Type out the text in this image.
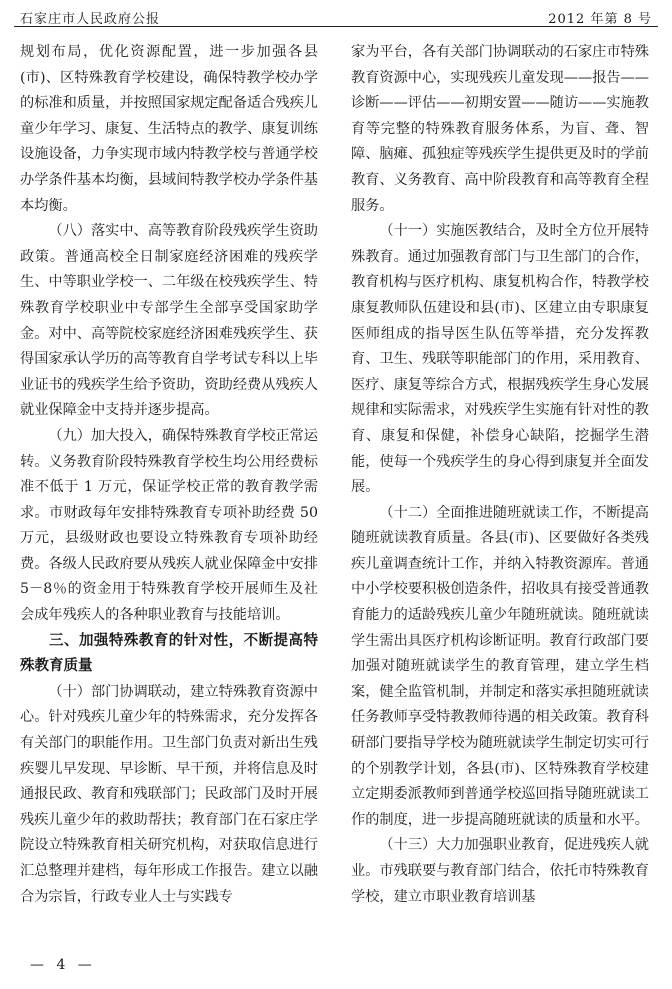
石家庄市人民政府公报	2012 年第 8 号

规划布局，优化资源配置，进一步加强各县(市)、区特殊教育学校建设，确保特教学校办学的标准和质量，并按照国家规定配备适合残疾儿童少年学习、康复、生活特点的教学、康复训练设施设备，力争实现市域内特教学校与普通学校办学条件基本均衡，县域间特教学校办学条件基本均衡。

（八）落实中、高等教育阶段残疾学生资助政策。普通高校全日制家庭经济困难的残疾学生、中等职业学校一、二年级在校残疾学生、特殊教育学校职业中专部学生全部享受国家助学金。对中、高等院校家庭经济困难残疾学生、获得国家承认学历的高等教育自学考试专科以上毕业证书的残疾学生给予资助，资助经费从残疾人就业保障金中支持并逐步提高。

（九）加大投入，确保特殊教育学校正常运转。义务教育阶段特殊教育学校生均公用经费标准不低于 1 万元，保证学校正常的教育教学需求。市财政每年安排特殊教育专项补助经费 50 万元，县级财政也要设立特殊教育专项补助经费。各级人民政府要从残疾人就业保障金中安排 5－8％的资金用于特殊教育学校开展师生及社会成年残疾人的各种职业教育与技能培训。

三、加强特殊教育的针对性，不断提高特殊教育质量

（十）部门协调联动，建立特殊教育资源中心。针对残疾儿童少年的特殊需求，充分发挥各有关部门的职能作用。卫生部门负责对新出生残疾婴儿早发现、早诊断、早干预，并将信息及时通报民政、教育和残联部门；民政部门及时开展残疾儿童少年的救助帮扶；教育部门在石家庄学院设立特殊教育相关研究机构，对获取信息进行汇总整理并建档，每年形成工作报告。建立以融合为宗旨，行政专业人士与实践专

家为平台，各有关部门协调联动的石家庄市特殊教育资源中心，实现残疾儿童发现——报告——诊断——评估——初期安置——随访——实施教育等完整的特殊教育服务体系，为盲、聋、智障、脑瘫、孤独症等残疾学生提供更及时的学前教育、义务教育、高中阶段教育和高等教育全程服务。

（十一）实施医教结合，及时全方位开展特殊教育。通过加强教育部门与卫生部门的合作，教育机构与医疗机构、康复机构合作，特教学校康复教师队伍建设和县(市)、区建立由专职康复医师组成的指导医生队伍等举措，充分发挥教育、卫生、残联等职能部门的作用，采用教育、医疗、康复等综合方式，根据残疾学生身心发展规律和实际需求，对残疾学生实施有针对性的教育、康复和保健，补偿身心缺陷，挖掘学生潜能，使每一个残疾学生的身心得到康复并全面发展。

（十二）全面推进随班就读工作，不断提高随班就读教育质量。各县(市)、区要做好各类残疾儿童调查统计工作，并纳入特教资源库。普通中小学校要积极创造条件，招收具有接受普通教育能力的适龄残疾儿童少年随班就读。随班就读学生需出具医疗机构诊断证明。教育行政部门要加强对随班就读学生的教育管理，建立学生档案，健全监管机制，并制定和落实承担随班就读任务教师享受特教教师待遇的相关政策。教育科研部门要指导学校为随班就读学生制定切实可行的个别教学计划，各县(市)、区特殊教育学校建立定期委派教师到普通学校巡回指导随班就读工作的制度，进一步提高随班就读的质量和水平。

（十三）大力加强职业教育，促进残疾人就业。市残联要与教育部门结合，依托市特殊教育学校，建立市职业教育培训基

— 4 —
